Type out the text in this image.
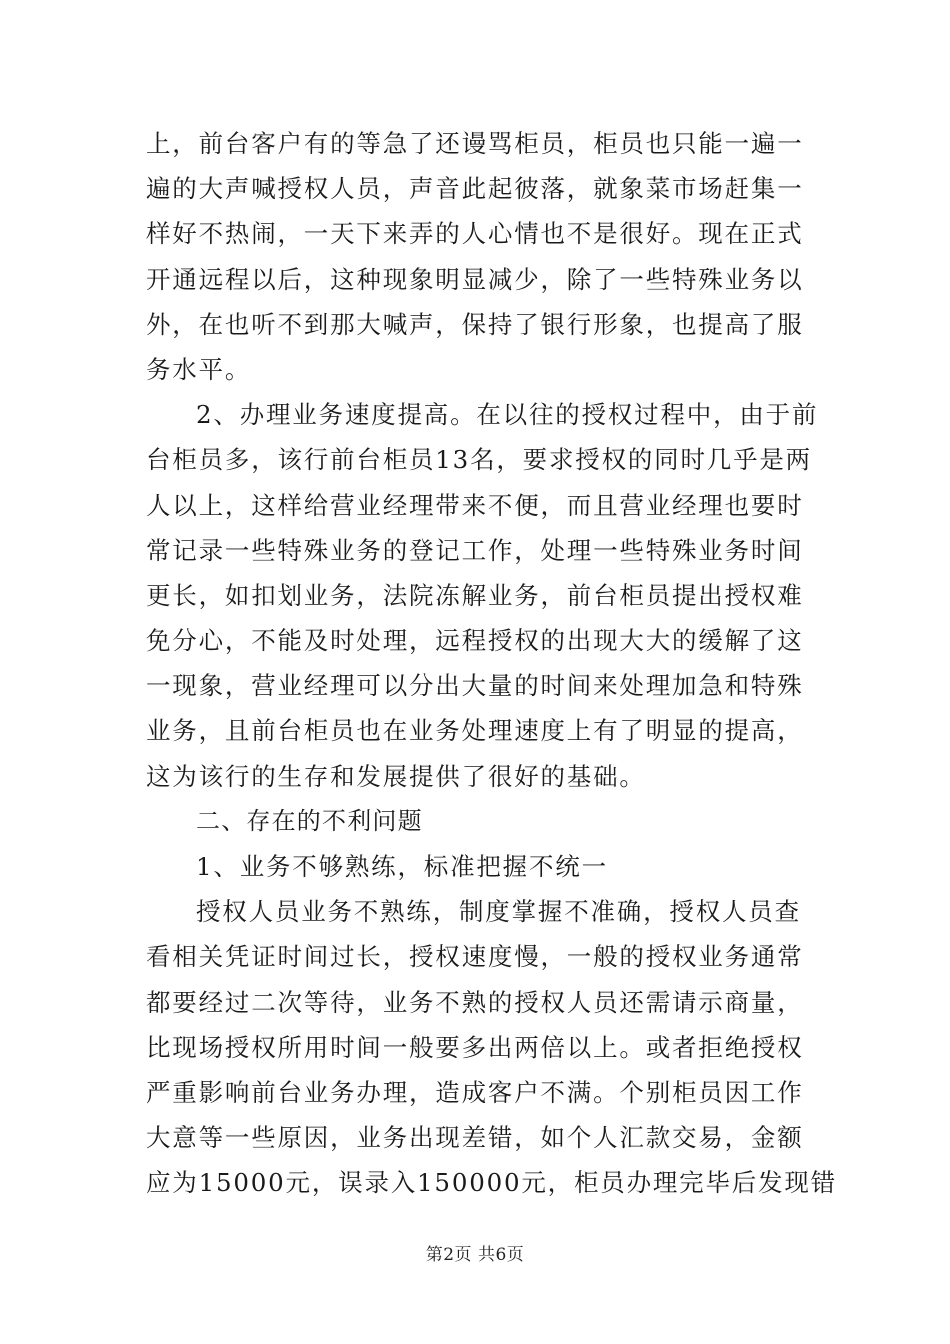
上，前台客户有的等急了还谩骂柜员，柜员也只能一遍一
遍的大声喊授权人员，声音此起彼落，就象菜市场赶集一
样好不热闹，一天下来弄的人心情也不是很好。现在正式
开通远程以后，这种现象明显减少，除了一些特殊业务以
外，在也听不到那大喊声，保持了银行形象，也提高了服
务水平。
2、办理业务速度提高。在以往的授权过程中，由于前
台柜员多，该行前台柜员13名，要求授权的同时几乎是两
人以上，这样给营业经理带来不便，而且营业经理也要时
常记录一些特殊业务的登记工作，处理一些特殊业务时间
更长，如扣划业务，法院冻解业务，前台柜员提出授权难
免分心，不能及时处理，远程授权的出现大大的缓解了这
一现象，营业经理可以分出大量的时间来处理加急和特殊
业务，且前台柜员也在业务处理速度上有了明显的提高，
这为该行的生存和发展提供了很好的基础。
二、存在的不利问题
1、业务不够熟练，标准把握不统一
授权人员业务不熟练，制度掌握不准确，授权人员查
看相关凭证时间过长，授权速度慢，一般的授权业务通常
都要经过二次等待，业务不熟的授权人员还需请示商量，
比现场授权所用时间一般要多出两倍以上。或者拒绝授权
严重影响前台业务办理，造成客户不满。个别柜员因工作
大意等一些原因，业务出现差错，如个人汇款交易，金额
应为15000元，误录入150000元，柜员办理完毕后发现错
第2页 共6页
